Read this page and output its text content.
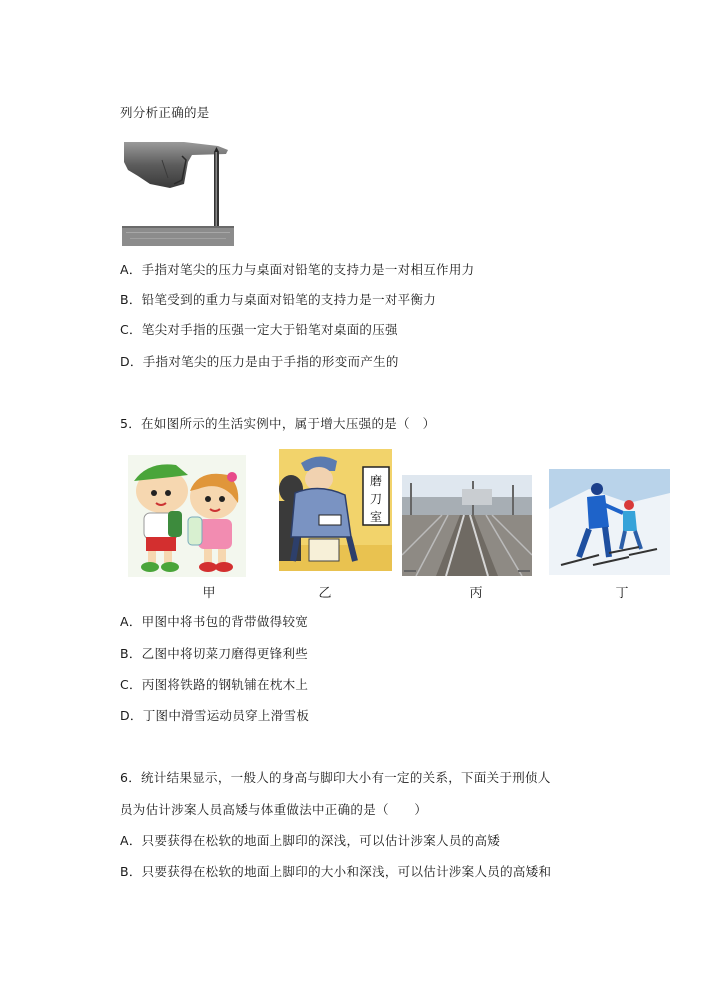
列分析正确的是
A．手指对笔尖的压力与桌面对铅笔的支持力是一对相互作用力
B．铅笔受到的重力与桌面对铅笔的支持力是一对平衡力
C．笔尖对手指的压强一定大于铅笔对桌面的压强
D．手指对笔尖的压力是由于手指的形变而产生的
5．在如图所示的生活实例中，属于增大压强的是（　）
磨
刀
室
甲	乙	丙	丁
A．甲图中将书包的背带做得较宽
B．乙图中将切菜刀磨得更锋利些
C．丙图将铁路的钢轨铺在枕木上
D．丁图中滑雪运动员穿上滑雪板
6．统计结果显示，一般人的身高与脚印大小有一定的关系，下面关于刑侦人
员为估计涉案人员高矮与体重做法中正确的是（　　）
A．只要获得在松软的地面上脚印的深浅，可以估计涉案人员的高矮
B．只要获得在松软的地面上脚印的大小和深浅，可以估计涉案人员的高矮和
